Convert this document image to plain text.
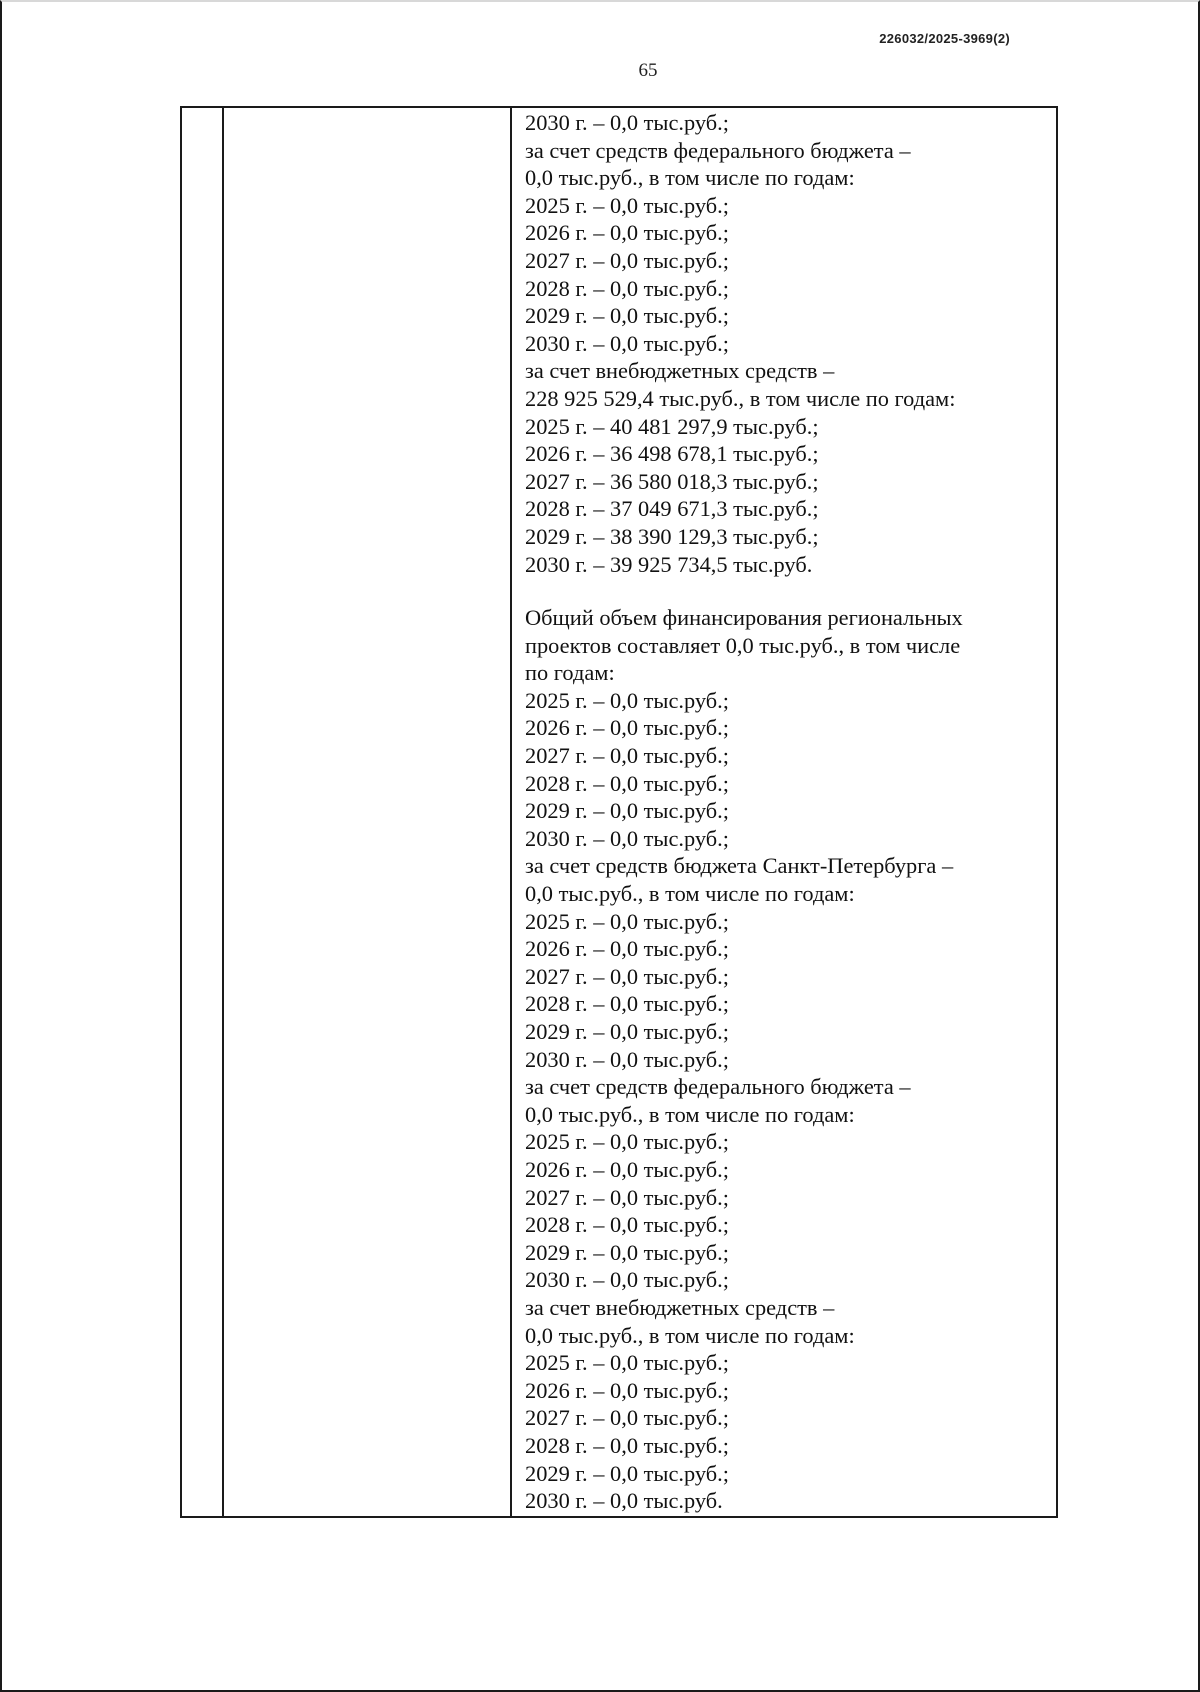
226032/2025-3969(2)
65
2030 г. – 0,0 тыс.руб.;
за счет средств федерального бюджета –
0,0 тыс.руб., в том числе по годам:
2025 г. – 0,0 тыс.руб.;
2026 г. – 0,0 тыс.руб.;
2027 г. – 0,0 тыс.руб.;
2028 г. – 0,0 тыс.руб.;
2029 г. – 0,0 тыс.руб.;
2030 г. – 0,0 тыс.руб.;
за счет внебюджетных средств –
228 925 529,4 тыс.руб., в том числе по годам:
2025 г. – 40 481 297,9 тыс.руб.;
2026 г. – 36 498 678,1 тыс.руб.;
2027 г. – 36 580 018,3 тыс.руб.;
2028 г. – 37 049 671,3 тыс.руб.;
2029 г. – 38 390 129,3 тыс.руб.;
2030 г. – 39 925 734,5 тыс.руб.
Общий объем финансирования региональных
проектов составляет 0,0 тыс.руб., в том числе
по годам:
2025 г. – 0,0 тыс.руб.;
2026 г. – 0,0 тыс.руб.;
2027 г. – 0,0 тыс.руб.;
2028 г. – 0,0 тыс.руб.;
2029 г. – 0,0 тыс.руб.;
2030 г. – 0,0 тыс.руб.;
за счет средств бюджета Санкт-Петербурга –
0,0 тыс.руб., в том числе по годам:
2025 г. – 0,0 тыс.руб.;
2026 г. – 0,0 тыс.руб.;
2027 г. – 0,0 тыс.руб.;
2028 г. – 0,0 тыс.руб.;
2029 г. – 0,0 тыс.руб.;
2030 г. – 0,0 тыс.руб.;
за счет средств федерального бюджета –
0,0 тыс.руб., в том числе по годам:
2025 г. – 0,0 тыс.руб.;
2026 г. – 0,0 тыс.руб.;
2027 г. – 0,0 тыс.руб.;
2028 г. – 0,0 тыс.руб.;
2029 г. – 0,0 тыс.руб.;
2030 г. – 0,0 тыс.руб.;
за счет внебюджетных средств –
0,0 тыс.руб., в том числе по годам:
2025 г. – 0,0 тыс.руб.;
2026 г. – 0,0 тыс.руб.;
2027 г. – 0,0 тыс.руб.;
2028 г. – 0,0 тыс.руб.;
2029 г. – 0,0 тыс.руб.;
2030 г. – 0,0 тыс.руб.
